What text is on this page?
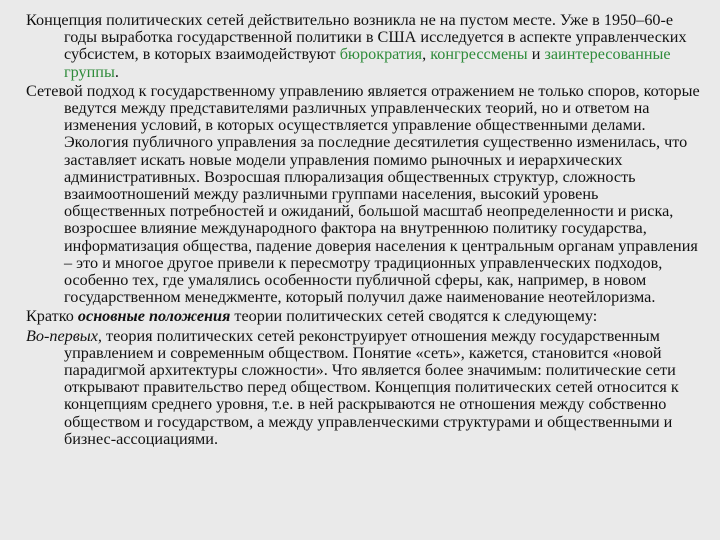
Концепция политических сетей действительно возникла не на пустом месте. Уже в 1950–60-е годы выработка государственной политики в США исследуется в аспекте управленческих субсистем, в которых взаимодействуют бюрократия, конгрессмены и заинтересованные группы.

Сетевой подход к государственному управлению является отражением не только споров, которые ведутся между представителями различных управленческих теорий, но и ответом на изменения условий, в которых осуществляется управление общественными делами. Экология публичного управления за последние десятилетия существенно изменилась, что заставляет искать новые модели управления помимо рыночных и иерархических административных. Возросшая плюрализация общественных структур, сложность взаимоотношений между различными группами населения, высокий уровень общественных потребностей и ожиданий, большой масштаб неопределенности и риска, возросшее влияние международного фактора на внутреннюю политику государства, информатизация общества, падение доверия населения к центральным органам управления – это и многое другое привели к пересмотру традиционных управленческих подходов, особенно тех, где умалялись особенности публичной сферы, как, например, в новом государственном менеджменте, который получил даже наименование неотейлоризма.

Кратко основные положения теории политических сетей сводятся к следующему:

Во-первых, теория политических сетей реконструирует отношения между государственным управлением и современным обществом. Понятие «сеть», кажется, становится «новой парадигмой архитектуры сложности». Что является более значимым: политические сети открывают правительство перед обществом. Концепция политических сетей относится к концепциям среднего уровня, т.е. в ней раскрываются не отношения между собственно обществом и государством, а между управленческими структурами и общественными и бизнес-ассоциациями.
